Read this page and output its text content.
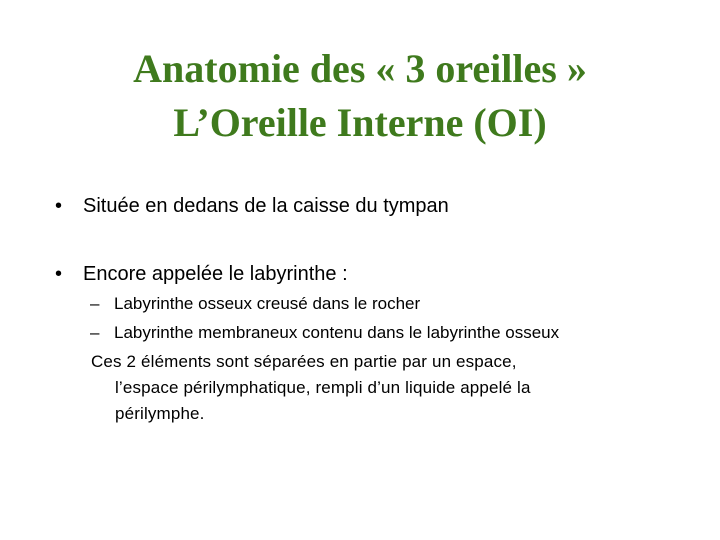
Anatomie des « 3 oreilles »
L’Oreille Interne (OI)
• Située en dedans de la caisse du tympan
• Encore appelée le labyrinthe :
– Labyrinthe osseux creusé dans le rocher
– Labyrinthe membraneux contenu dans le labyrinthe osseux
Ces 2 éléments sont séparées en partie par un espace,
l’espace périlymphatique, rempli d’un liquide appelé la
périlymphe.
